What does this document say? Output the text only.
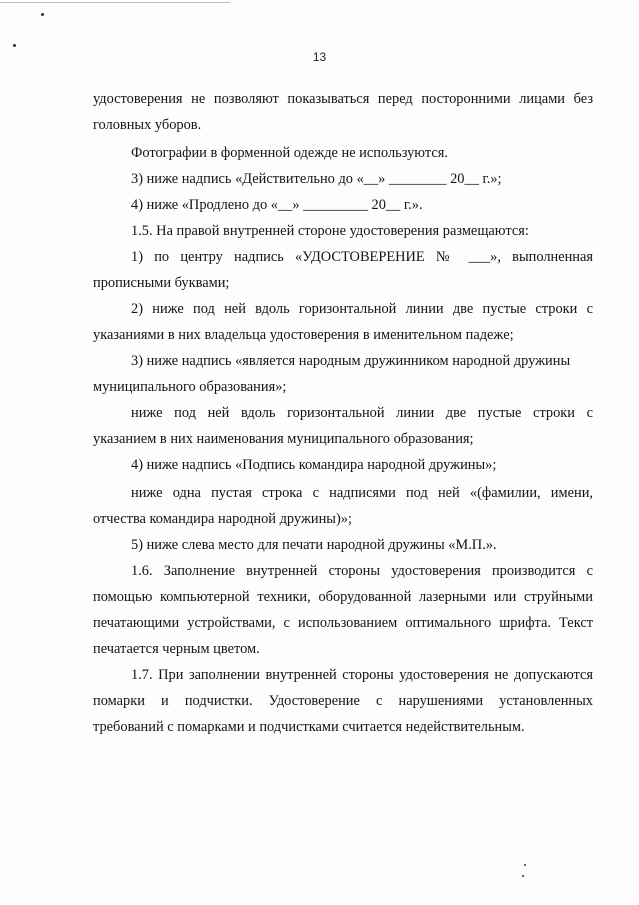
13
удостоверения не позволяют показываться перед посторонними лицами без
головных уборов.
Фотографии в форменной одежде не используются.
3) ниже надпись «Действительно до «__» ________ 20__ г.»;
4) ниже «Продлено до «__» _________ 20__ г.».
1.5. На правой внутренней стороне удостоверения размещаются:
1) по центру надпись «УДОСТОВЕРЕНИЕ № ___», выполненная
прописными буквами;
2) ниже под ней вдоль горизонтальной линии две пустые строки с
указаниями в них владельца удостоверения в именительном падеже;
3) ниже надпись «является народным дружинником народной дружины
муниципального образования»;
ниже под ней вдоль горизонтальной линии две пустые строки с
указанием в них наименования муниципального образования;
4) ниже надпись «Подпись командира народной дружины»;
ниже одна пустая строка с надписями под ней «(фамилии, имени,
отчества командира народной дружины)»;
5) ниже слева место для печати народной дружины «М.П.».
1.6. Заполнение внутренней стороны удостоверения производится с
помощью компьютерной техники, оборудованной лазерными или струйными
печатающими устройствами, с использованием оптимального шрифта. Текст
печатается черным цветом.
1.7. При заполнении внутренней стороны удостоверения не допускаются
помарки и подчистки. Удостоверение с нарушениями установленных
требований с помарками и подчистками считается недействительным.
